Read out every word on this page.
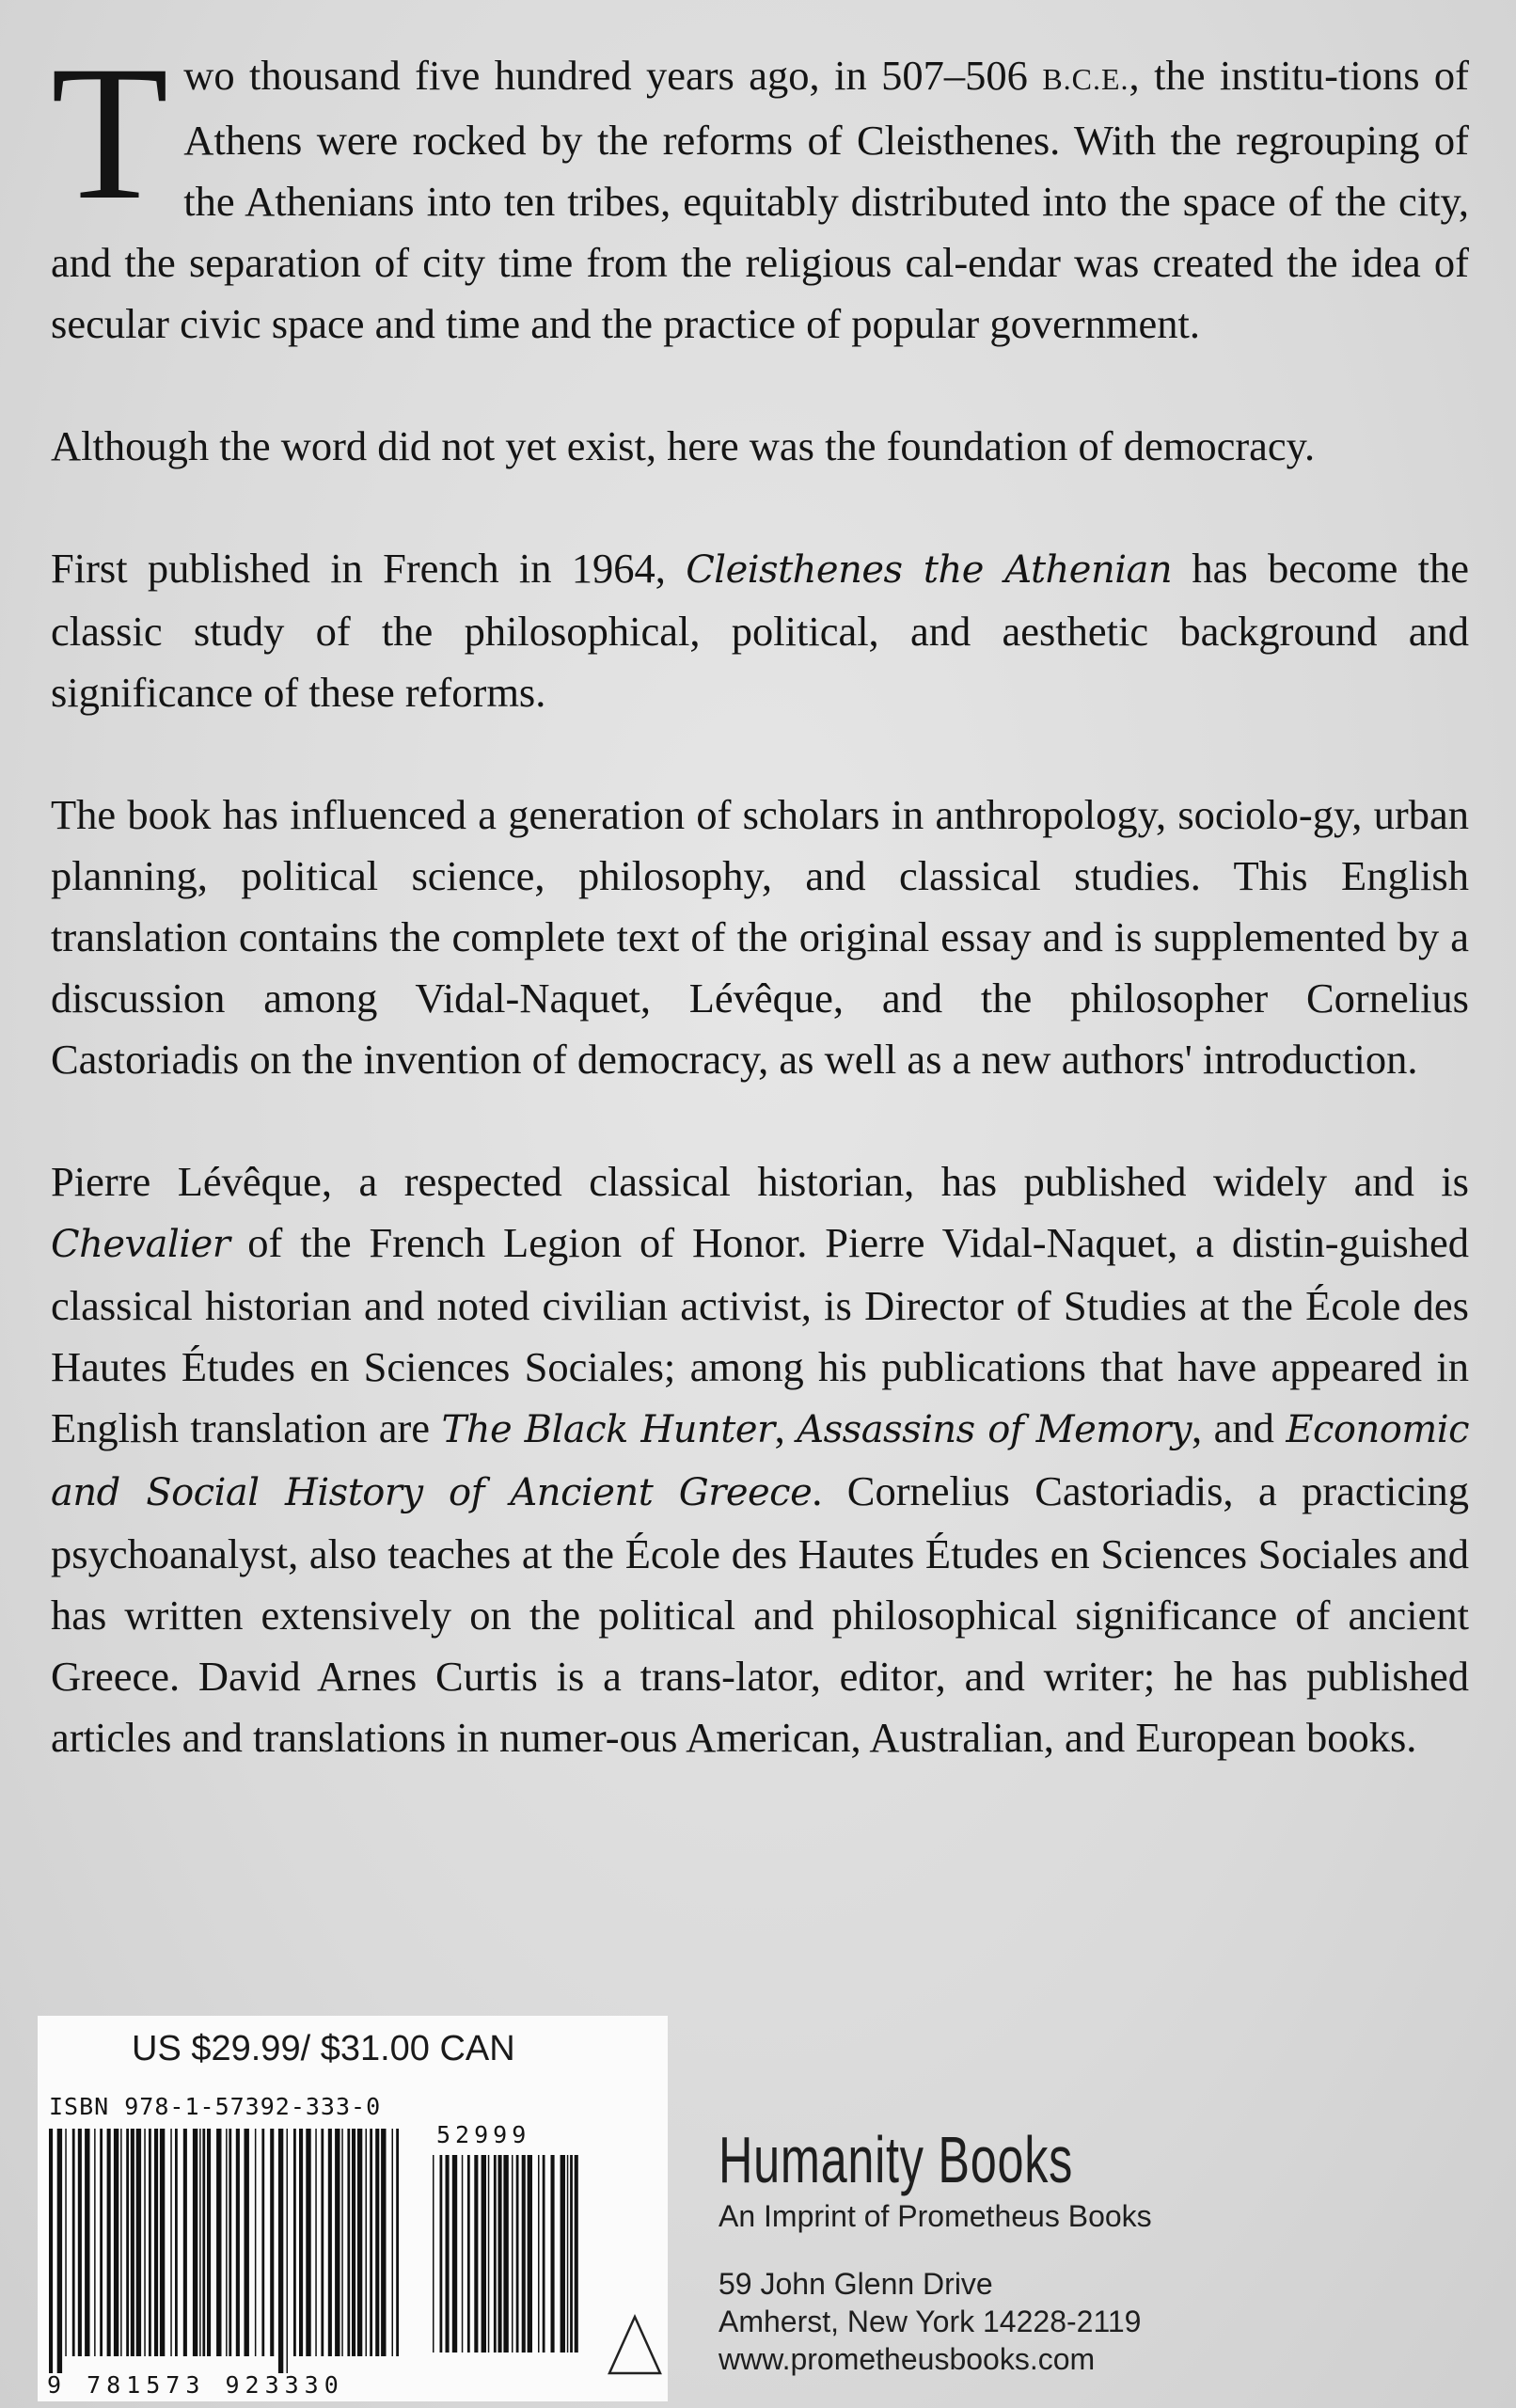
Two thousand five hundred years ago, in 507–506 B.C.E., the institu-tions of Athens were rocked by the reforms of Cleisthenes. With the regrouping of the Athenians into ten tribes, equitably distributed into the space of the city, and the separation of city time from the religious cal-endar was created the idea of secular civic space and time and the practice of popular government.

Although the word did not yet exist, here was the foundation of democracy.

First published in French in 1964, Cleisthenes the Athenian has become the classic study of the philosophical, political, and aesthetic background and significance of these reforms.

The book has influenced a generation of scholars in anthropology, sociolo-gy, urban planning, political science, philosophy, and classical studies. This English translation contains the complete text of the original essay and is supplemented by a discussion among Vidal-Naquet, Lévêque, and the philosopher Cornelius Castoriadis on the invention of democracy, as well as a new authors' introduction.

Pierre Lévêque, a respected classical historian, has published widely and is Chevalier of the French Legion of Honor. Pierre Vidal-Naquet, a distin-guished classical historian and noted civilian activist, is Director of Studies at the École des Hautes Études en Sciences Sociales; among his publications that have appeared in English translation are The Black Hunter, Assassins of Memory, and Economic and Social History of Ancient Greece. Cornelius Castoriadis, a practicing psychoanalyst, also teaches at the École des Hautes Études en Sciences Sociales and has written extensively on the political and philosophical significance of ancient Greece. David Arnes Curtis is a trans-lator, editor, and writer; he has published articles and translations in numer-ous American, Australian, and European books.

US $29.99/ $31.00 CAN
ISBN 978-1-57392-333-0
52999
9 781573 923330
Humanity Books
An Imprint of Prometheus Books
59 John Glenn Drive
Amherst, New York 14228-2119
www.prometheusbooks.com
